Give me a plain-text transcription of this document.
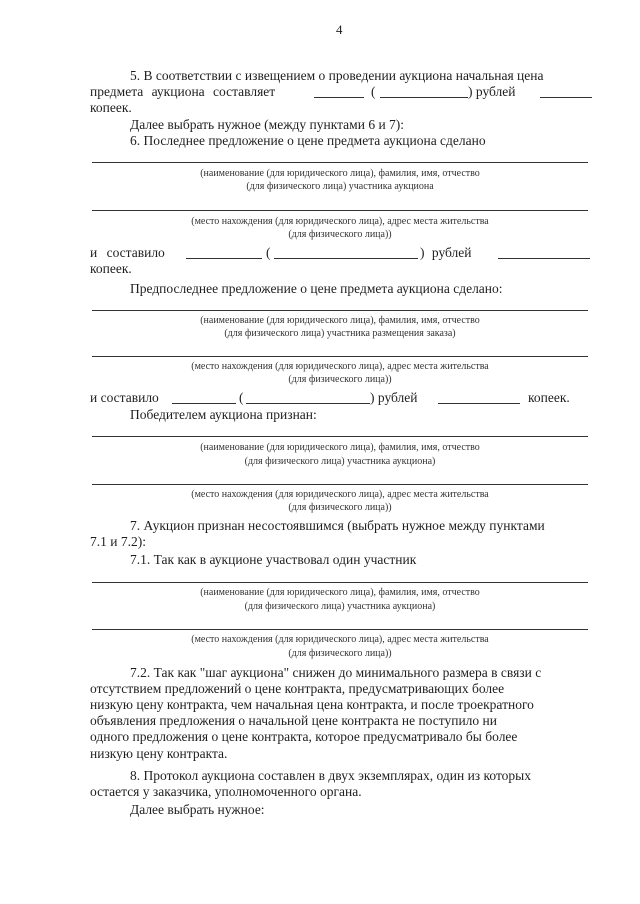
4
5. В соответствии с извещением о проведении аукциона начальная цена
предмета аукциона составляет	(	) рублей
копеек.
Далее выбрать нужное (между пунктами 6 и 7):
6. Последнее предложение о цене предмета аукциона сделано
(наименование (для юридического лица), фамилия, имя, отчество
(для физического лица) участника аукциона
(место нахождения (для юридического лица), адрес места жительства
(для физического лица))
и составило	(	) рублей
копеек.
Предпоследнее предложение о цене предмета аукциона сделано:
(наименование (для юридического лица), фамилия, имя, отчество
(для физического лица) участника размещения заказа)
(место нахождения (для юридического лица), адрес места жительства
(для физического лица))
и составило	(	) рублей	копеек.
Победителем аукциона признан:
(наименование (для юридического лица), фамилия, имя, отчество
(для физического лица) участника аукциона)
(место нахождения (для юридического лица), адрес места жительства
(для физического лица))
7. Аукцион признан несостоявшимся (выбрать нужное между пунктами
7.1 и 7.2):
7.1. Так как в аукционе участвовал один участник
(наименование (для юридического лица), фамилия, имя, отчество
(для физического лица) участника аукциона)
(место нахождения (для юридического лица), адрес места жительства
(для физического лица))
7.2. Так как "шаг аукциона" снижен до минимального размера в связи с
отсутствием предложений о цене контракта, предусматривающих более
низкую цену контракта, чем начальная цена контракта, и после троекратного
объявления предложения о начальной цене контракта не поступило ни
одного предложения о цене контракта, которое предусматривало бы более
низкую цену контракта.
8. Протокол аукциона составлен в двух экземплярах, один из которых
остается у заказчика, уполномоченного органа.
Далее выбрать нужное:
